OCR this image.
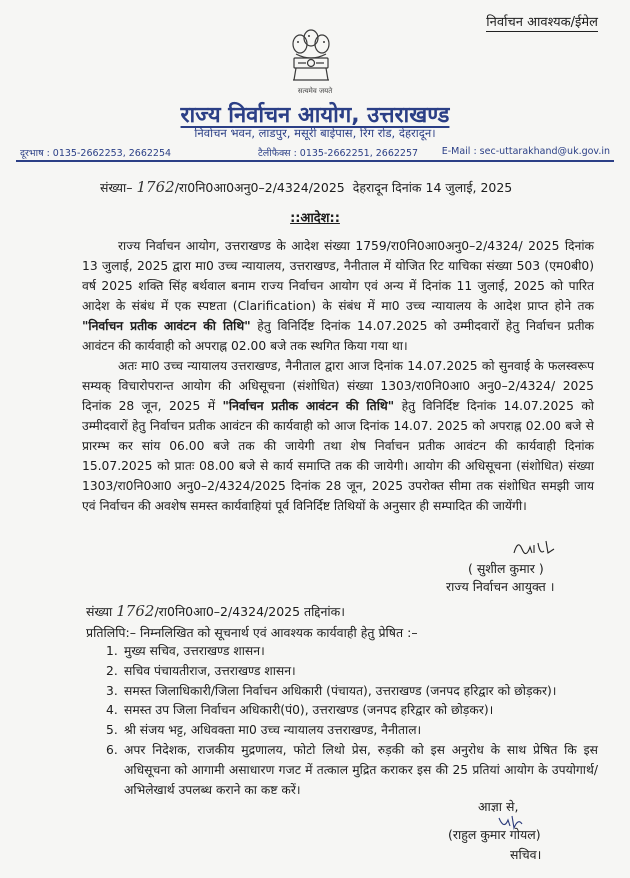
निर्वाचन आवश्यक/ईमेल
सत्यमेव जयते
राज्य निर्वाचन आयोग, उत्तराखण्ड
निर्वाचन भवन, लाडपुर, मसूरी बाईपास, रिंग रोड, देहरादून।
दूरभाष : 0135-2662253, 2662254	टैलीफैक्स : 0135-2662251, 2662257 E-Mail : sec-uttarakhand@uk.gov.in
संख्या– 1762/रा0नि0आ0अनु0–2/4324/2025 देहरादून दिनांक 14 जुलाई, 2025
::आदेश::

राज्य निर्वाचन आयोग, उत्तराखण्ड के आदेश संख्या 1759/रा0नि0आ0अनु0–2/4324/ 2025 दिनांक 13 जुलाई, 2025 द्वारा मा0 उच्च न्यायालय, उत्तराखण्ड, नैनीताल में योजित रिट याचिका संख्या 503 (एम0बी0) वर्ष 2025 शक्ति सिंह बर्थवाल बनाम राज्य निर्वाचन आयोग एवं अन्य में दिनांक 11 जुलाई, 2025 को पारित आदेश के संबंध में एक स्पष्टता (Clarification) के संबंध में मा0 उच्च न्यायालय के आदेश प्राप्त होने तक "निर्वाचन प्रतीक आवंटन की तिथि" हेतु विनिर्दिष्ट दिनांक 14.07.2025 को उम्मीदवारों हेतु निर्वाचन प्रतीक आवंटन की कार्यवाही को अपराह्न 02.00 बजे तक स्थगित किया गया था।

अतः मा0 उच्च न्यायालय उत्तराखण्ड, नैनीताल द्वारा आज दिनांक 14.07.2025 को सुनवाई के फलस्वरूप सम्यक् विचारोपरान्त आयोग की अधिसूचना (संशोधित) संख्या 1303/रा0नि0आ0 अनु0–2/4324/ 2025 दिनांक 28 जून, 2025 में "निर्वाचन प्रतीक आवंटन की तिथि" हेतु विनिर्दिष्ट दिनांक 14.07.2025 को उम्मीदवारों हेतु निर्वाचन प्रतीक आवंटन की कार्यवाही को आज दिनांक 14.07. 2025 को अपराह्न 02.00 बजे से प्रारम्भ कर सांय 06.00 बजे तक की जायेगी तथा शेष निर्वाचन प्रतीक आवंटन की कार्यवाही दिनांक 15.07.2025 को प्रातः 08.00 बजे से कार्य समाप्ति तक की जायेगी। आयोग की अधिसूचना (संशोधित) संख्या 1303/रा0नि0आ0 अनु0–2/4324/2025 दिनांक 28 जून, 2025 उपरोक्त सीमा तक संशोधित समझी जाय एवं निर्वाचन की अवशेष समस्त कार्यवाहियां पूर्व विनिर्दिष्ट तिथियों के अनुसार ही सम्पादित की जायेंगी।

( सुशील कुमार )
राज्य निर्वाचन आयुक्त ।
संख्या 1762/रा0नि0आ0–2/4324/2025 तद्दिनांक।
प्रतिलिपि:– निम्नलिखित को सूचनार्थ एवं आवश्यक कार्यवाही हेतु प्रेषित :–
1. मुख्य सचिव, उत्तराखण्ड शासन।
2. सचिव पंचायतीराज, उत्तराखण्ड शासन।
3. समस्त जिलाधिकारी/जिला निर्वाचन अधिकारी (पंचायत), उत्तराखण्ड (जनपद हरिद्वार को छोड़कर)।
4. समस्त उप जिला निर्वाचन अधिकारी(पं0), उत्तराखण्ड (जनपद हरिद्वार को छोड़कर)।
5. श्री संजय भट्ट, अधिवक्ता मा0 उच्च न्यायालय उत्तराखण्ड, नैनीताल।
6. अपर निदेशक, राजकीय मुद्रणालय, फोटो लिथो प्रेस, रुड़की को इस अनुरोध के साथ प्रेषित कि इस अधिसूचना को आगामी असाधारण गजट में तत्काल मुद्रित कराकर इस की 25 प्रतियां आयोग के उपयोगार्थ/अभिलेखार्थ उपलब्ध कराने का कष्ट करें।
आज्ञा से,
(राहुल कुमार गोयल)
सचिव।
